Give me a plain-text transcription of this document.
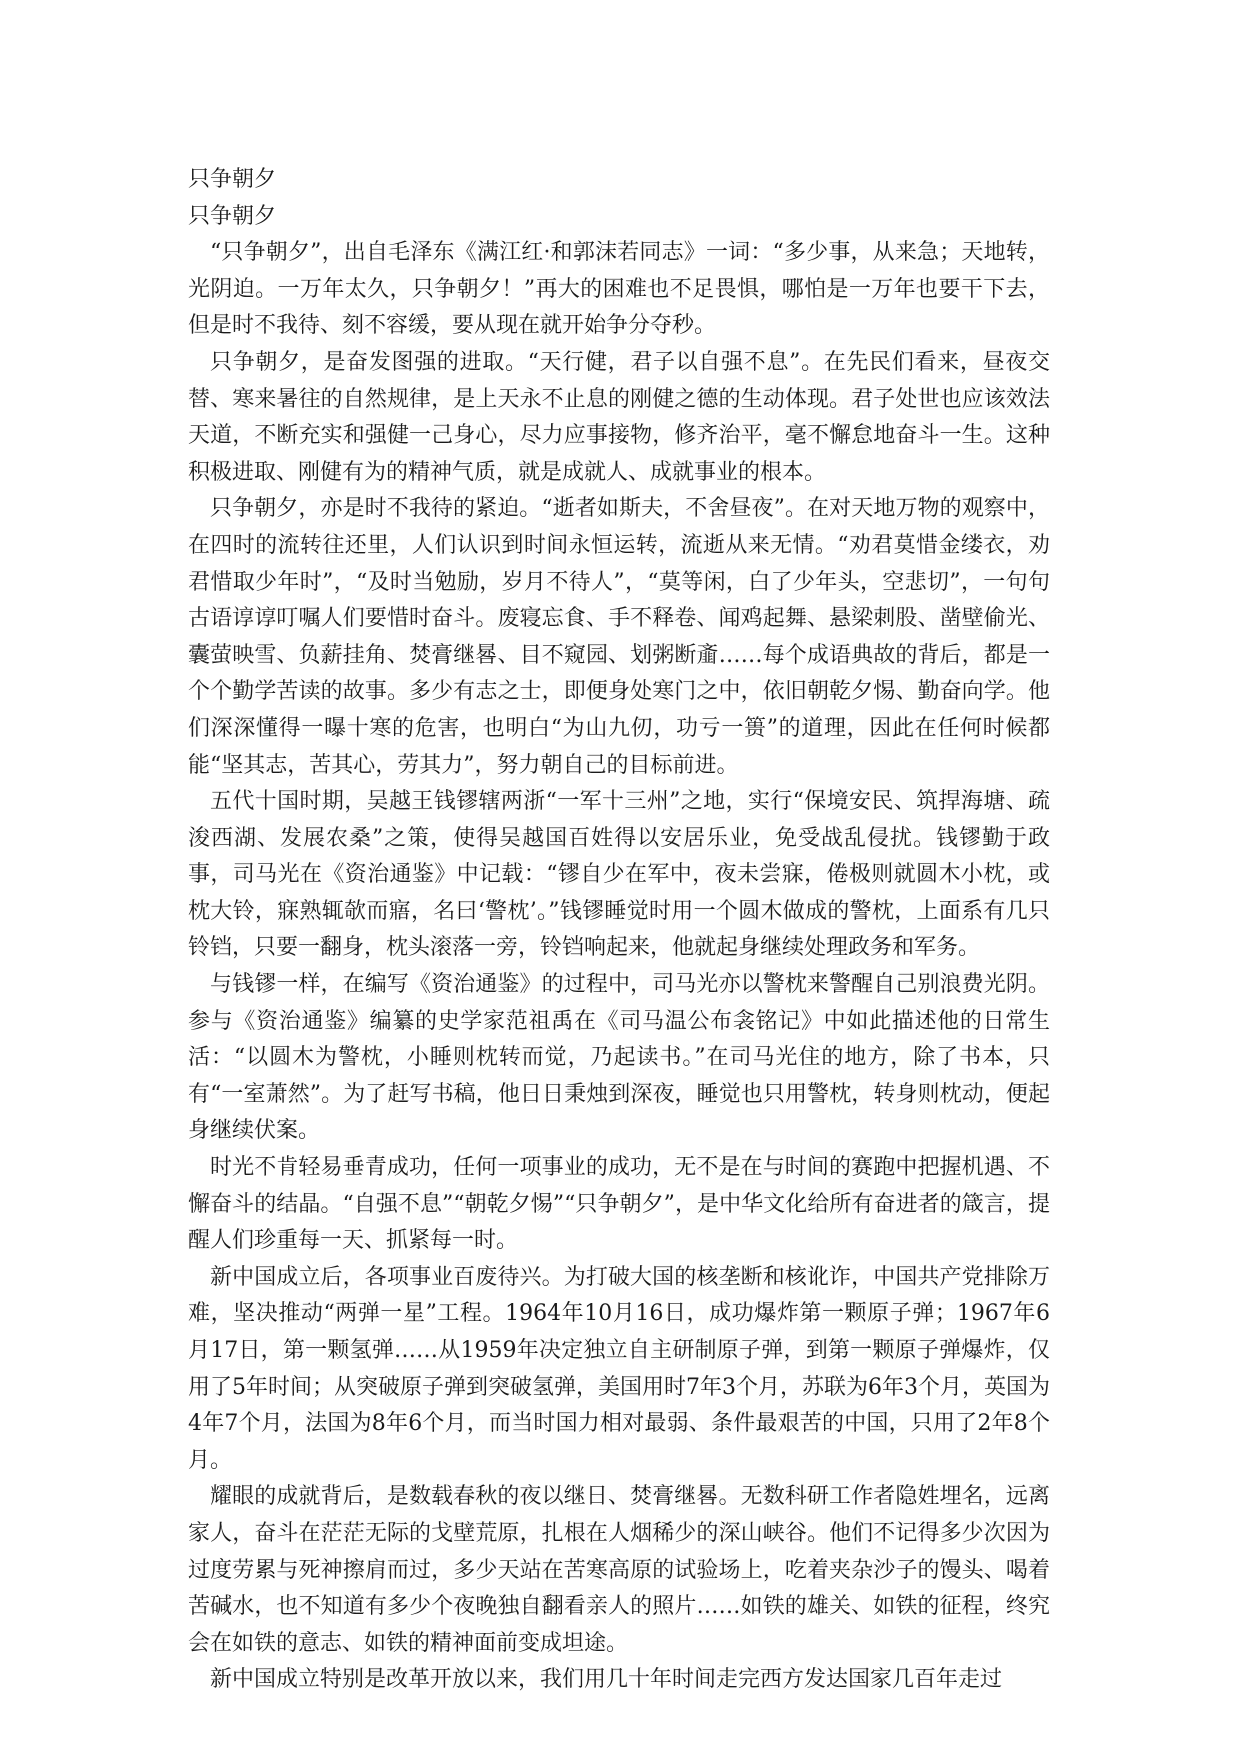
只争朝夕
只争朝夕

“只争朝夕”，出自毛泽东《满江红·和郭沫若同志》一词：“多少事，从来急；天地转，光阴迫。一万年太久，只争朝夕！”再大的困难也不足畏惧，哪怕是一万年也要干下去，但是时不我待、刻不容缓，要从现在就开始争分夺秒。

只争朝夕，是奋发图强的进取。“天行健，君子以自强不息”。在先民们看来，昼夜交替、寒来暑往的自然规律，是上天永不止息的刚健之德的生动体现。君子处世也应该效法天道，不断充实和强健一己身心，尽力应事接物，修齐治平，毫不懈怠地奋斗一生。这种积极进取、刚健有为的精神气质，就是成就人、成就事业的根本。

只争朝夕，亦是时不我待的紧迫。“逝者如斯夫，不舍昼夜”。在对天地万物的观察中，在四时的流转往还里，人们认识到时间永恒运转，流逝从来无情。“劝君莫惜金缕衣，劝君惜取少年时”，“及时当勉励，岁月不待人”，“莫等闲，白了少年头，空悲切”，一句句古语谆谆叮嘱人们要惜时奋斗。废寝忘食、手不释卷、闻鸡起舞、悬梁刺股、凿壁偷光、囊萤映雪、负薪挂角、焚膏继晷、目不窥园、划粥断齑……每个成语典故的背后，都是一个个勤学苦读的故事。多少有志之士，即便身处寒门之中，依旧朝乾夕惕、勤奋向学。他们深深懂得一曝十寒的危害，也明白“为山九仞，功亏一篑”的道理，因此在任何时候都能“坚其志，苦其心，劳其力”，努力朝自己的目标前进。

五代十国时期，吴越王钱镠辖两浙“一军十三州”之地，实行“保境安民、筑捍海塘、疏浚西湖、发展农桑”之策，使得吴越国百姓得以安居乐业，免受战乱侵扰。钱镠勤于政事，司马光在《资治通鉴》中记载：“镠自少在军中，夜未尝寐，倦极则就圆木小枕，或枕大铃，寐熟辄欹而寤，名曰‘警枕’。”钱镠睡觉时用一个圆木做成的警枕，上面系有几只铃铛，只要一翻身，枕头滚落一旁，铃铛响起来，他就起身继续处理政务和军务。

与钱镠一样，在编写《资治通鉴》的过程中，司马光亦以警枕来警醒自己别浪费光阴。参与《资治通鉴》编纂的史学家范祖禹在《司马温公布衾铭记》中如此描述他的日常生活：“以圆木为警枕，小睡则枕转而觉，乃起读书。”在司马光住的地方，除了书本，只有“一室萧然”。为了赶写书稿，他日日秉烛到深夜，睡觉也只用警枕，转身则枕动，便起身继续伏案。

时光不肯轻易垂青成功，任何一项事业的成功，无不是在与时间的赛跑中把握机遇、不懈奋斗的结晶。“自强不息”“朝乾夕惕”“只争朝夕”，是中华文化给所有奋进者的箴言，提醒人们珍重每一天、抓紧每一时。

新中国成立后，各项事业百废待兴。为打破大国的核垄断和核讹诈，中国共产党排除万难，坚决推动“两弹一星”工程。1964年10月16日，成功爆炸第一颗原子弹；1967年6月17日，第一颗氢弹……从1959年决定独立自主研制原子弹，到第一颗原子弹爆炸，仅用了5年时间；从突破原子弹到突破氢弹，美国用时7年3个月，苏联为6年3个月，英国为4年7个月，法国为8年6个月，而当时国力相对最弱、条件最艰苦的中国，只用了2年8个月。

耀眼的成就背后，是数载春秋的夜以继日、焚膏继晷。无数科研工作者隐姓埋名，远离家人，奋斗在茫茫无际的戈壁荒原，扎根在人烟稀少的深山峡谷。他们不记得多少次因为过度劳累与死神擦肩而过，多少天站在苦寒高原的试验场上，吃着夹杂沙子的馒头、喝着苦碱水，也不知道有多少个夜晚独自翻看亲人的照片……如铁的雄关、如铁的征程，终究会在如铁的意志、如铁的精神面前变成坦途。

新中国成立特别是改革开放以来，我们用几十年时间走完西方发达国家几百年走过
